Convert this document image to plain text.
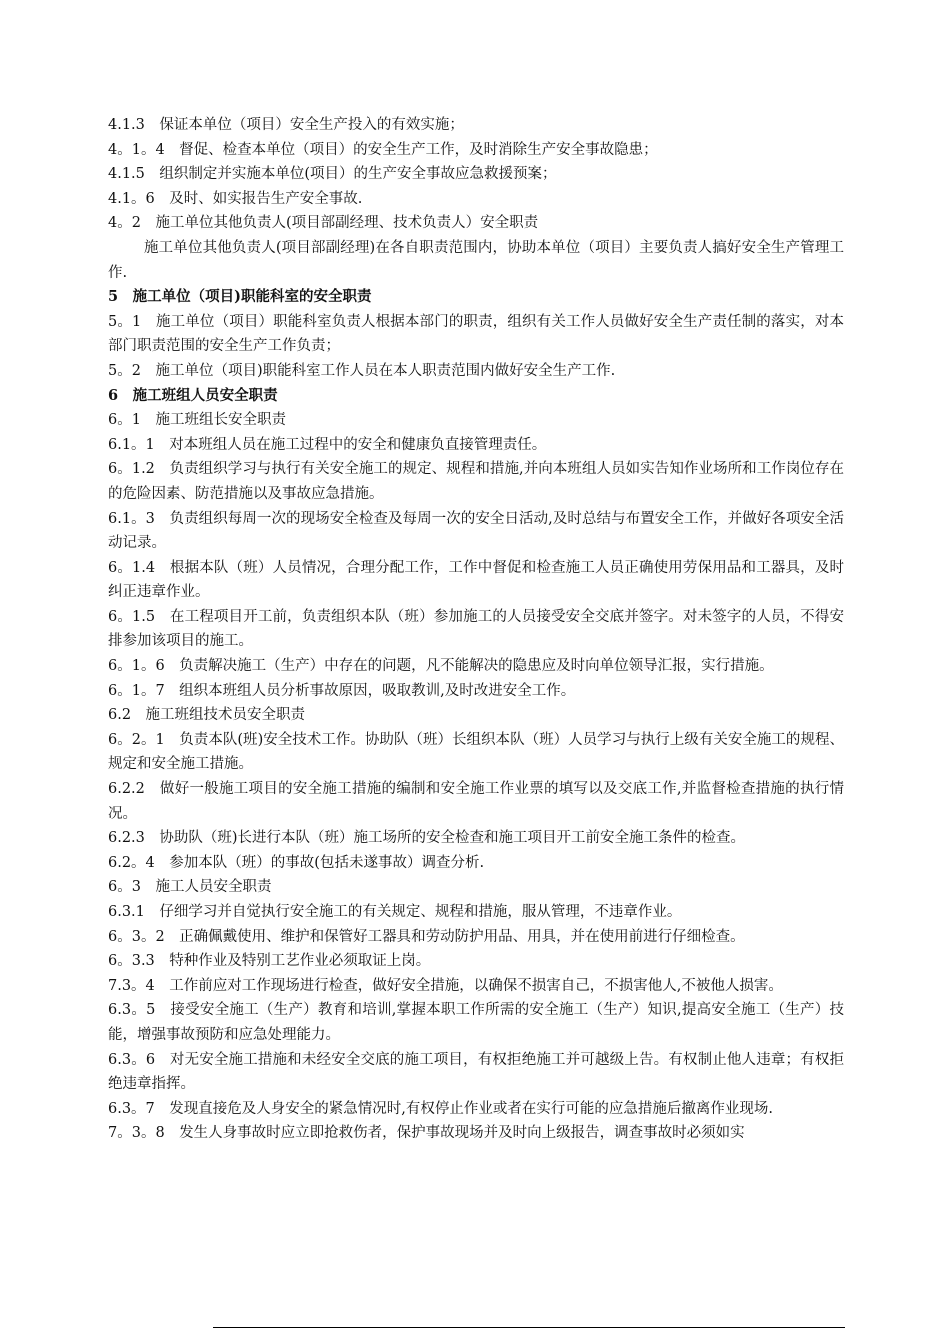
4.1.3　保证本单位（项目）安全生产投入的有效实施；
4。1。4　督促、检查本单位（项目）的安全生产工作，及时消除生产安全事故隐患；
4.1.5　组织制定并实施本单位(项目）的生产安全事故应急救援预案；
4.1。6　及时、如实报告生产安全事故.
4。2　施工单位其他负责人(项目部副经理、技术负责人）安全职责
施工单位其他负责人(项目部副经理)在各自职责范围内，协助本单位（项目）主要负责人搞好安全生产管理工作.
5　施工单位（项目)职能科室的安全职责
5。1　施工单位（项目）职能科室负责人根据本部门的职责，组织有关工作人员做好安全生产责任制的落实，对本部门职责范围的安全生产工作负责；
5。2　施工单位（项目)职能科室工作人员在本人职责范围内做好安全生产工作.
6　施工班组人员安全职责
6。1　施工班组长安全职责
6.1。1　对本班组人员在施工过程中的安全和健康负直接管理责任。
6。1.2　负责组织学习与执行有关安全施工的规定、规程和措施,并向本班组人员如实告知作业场所和工作岗位存在的危险因素、防范措施以及事故应急措施。
6.1。3　负责组织每周一次的现场安全检查及每周一次的安全日活动,及时总结与布置安全工作，并做好各项安全活动记录。
6。1.4　根据本队（班）人员情况，合理分配工作，工作中督促和检查施工人员正确使用劳保用品和工器具，及时纠正违章作业。
6。1.5　在工程项目开工前，负责组织本队（班）参加施工的人员接受安全交底并签字。对未签字的人员，不得安排参加该项目的施工。
6。1。6　负责解决施工（生产）中存在的问题，凡不能解决的隐患应及时向单位领导汇报，实行措施。
6。1。7　组织本班组人员分析事故原因，吸取教训,及时改进安全工作。
6.2　施工班组技术员安全职责
6。2。1　负责本队(班)安全技术工作。协助队（班）长组织本队（班）人员学习与执行上级有关安全施工的规程、规定和安全施工措施。
6.2.2　做好一般施工项目的安全施工措施的编制和安全施工作业票的填写以及交底工作,并监督检查措施的执行情况。
6.2.3　协助队（班)长进行本队（班）施工场所的安全检查和施工项目开工前安全施工条件的检查。
6.2。4　参加本队（班）的事故(包括未遂事故）调查分析.
6。3　施工人员安全职责
6.3.1　仔细学习并自觉执行安全施工的有关规定、规程和措施，服从管理，不违章作业。
6。3。2　正确佩戴使用、维护和保管好工器具和劳动防护用品、用具，并在使用前进行仔细检查。
6。3.3　特种作业及特别工艺作业必须取证上岗。
7.3。4　工作前应对工作现场进行检查，做好安全措施，以确保不损害自己，不损害他人,不被他人损害。
6.3。5　接受安全施工（生产）教育和培训,掌握本职工作所需的安全施工（生产）知识,提高安全施工（生产）技能，增强事故预防和应急处理能力。
6.3。6　对无安全施工措施和未经安全交底的施工项目，有权拒绝施工并可越级上告。有权制止他人违章；有权拒绝违章指挥。
6.3。7　发现直接危及人身安全的紧急情况时,有权停止作业或者在实行可能的应急措施后撤离作业现场.
7。3。8　发生人身事故时应立即抢救伤者，保护事故现场并及时向上级报告，调查事故时必须如实
